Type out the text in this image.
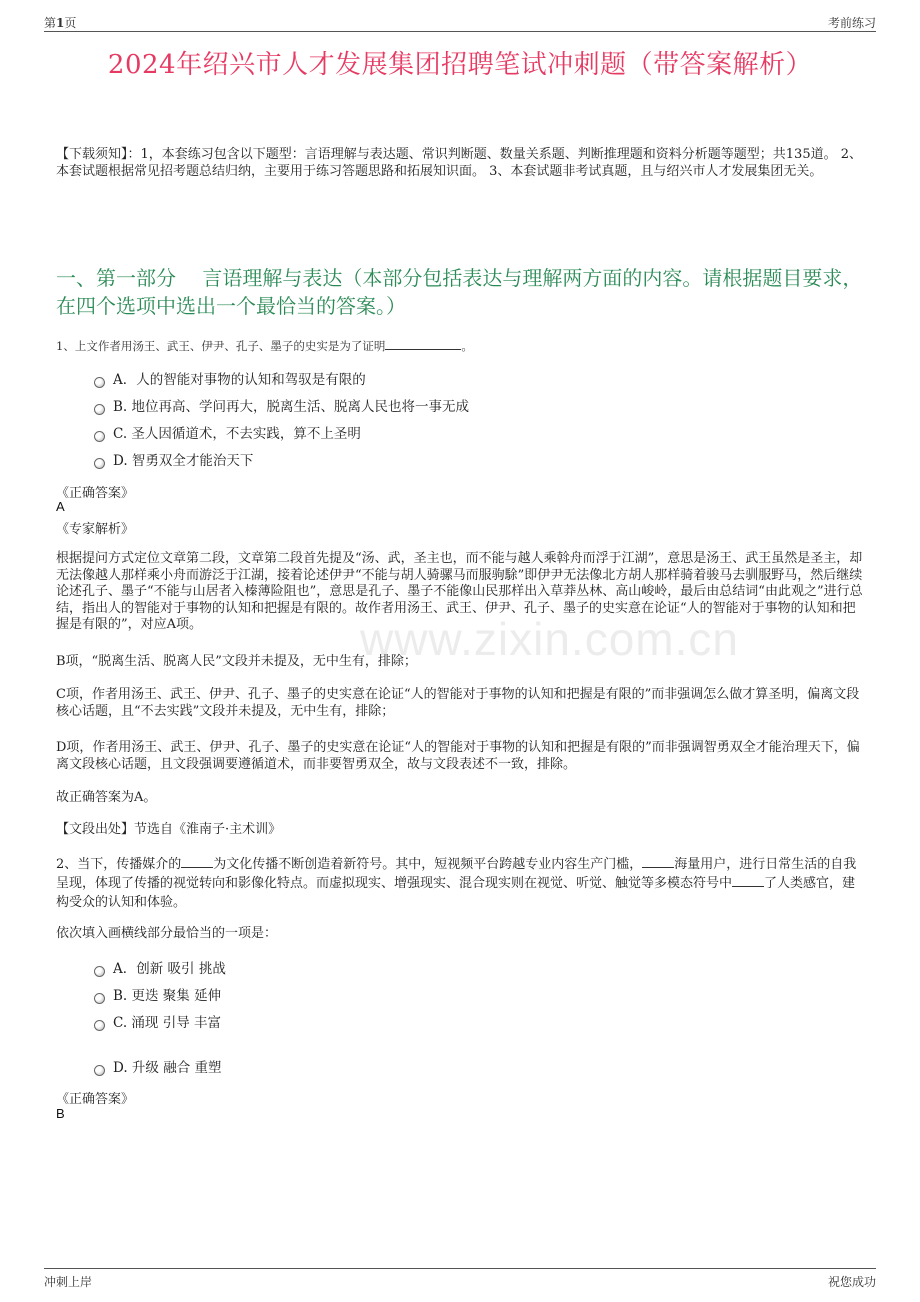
第1页	考前练习
2024年绍兴市人才发展集团招聘笔试冲刺题（带答案解析）
【下载须知】：1，本套练习包含以下题型：言语理解与表达题、常识判断题、数量关系题、判断推理题和资料分析题等题型；共135道。 2、本套试题根据常见招考题总结归纳，主要用于练习答题思路和拓展知识面。 3、本套试题非考试真题，且与绍兴市人才发展集团无关。
一、第一部分　 言语理解与表达（本部分包括表达与理解两方面的内容。请根据题目要求，在四个选项中选出一个最恰当的答案。）
1、上文作者用汤王、武王、伊尹、孔子、墨子的史实是为了证明	。
A．人的智能对事物的认知和驾驭是有限的
B. 地位再高、学问再大，脱离生活、脱离人民也将一事无成
C. 圣人因循道术，不去实践，算不上圣明
D. 智勇双全才能治天下
《正确答案》
A
《专家解析》
根据提问方式定位文章第二段，文章第二段首先提及“汤、武，圣主也，而不能与越人乘斡舟而浮于江湖”，意思是汤王、武王虽然是圣主，却无法像越人那样乘小舟而游泛于江湖，接着论述伊尹“不能与胡人骑骡马而服驹駼”即伊尹无法像北方胡人那样骑着骏马去驯服野马，然后继续论述孔子、墨子“不能与山居者入榛薄险阻也”，意思是孔子、墨子不能像山民那样出入草莽丛林、高山峻岭，最后由总结词“由此观之”进行总结，指出人的智能对于事物的认知和把握是有限的。故作者用汤王、武王、伊尹、孔子、墨子的史实意在论证“人的智能对于事物的认知和把握是有限的”，对应A项。
B项，“脱离生活、脱离人民”文段并未提及，无中生有，排除；
C项，作者用汤王、武王、伊尹、孔子、墨子的史实意在论证“人的智能对于事物的认知和把握是有限的”而非强调怎么做才算圣明，偏离文段核心话题，且“不去实践”文段并未提及，无中生有，排除；
D项，作者用汤王、武王、伊尹、孔子、墨子的史实意在论证“人的智能对于事物的认知和把握是有限的”而非强调智勇双全才能治理天下，偏离文段核心话题，且文段强调要遵循道术，而非要智勇双全，故与文段表述不一致，排除。
故正确答案为A。
【文段出处】节选自《淮南子·主术训》
www.zixin.com.cn
2、当下，传播媒介的 为文化传播不断创造着新符号。其中，短视频平台跨越专业内容生产门槛， 海量用户，进行日常生活的自我呈现，体现了传播的视觉转向和影像化特点。而虚拟现实、增强现实、混合现实则在视觉、听觉、触觉等多模态符号中 了人类感官，建构受众的认知和体验。
依次填入画横线部分最恰当的一项是：
A．创新 吸引 挑战
B. 更迭 聚集 延伸
C. 涌现 引导 丰富
D. 升级 融合 重塑
《正确答案》
B
冲刺上岸	祝您成功
